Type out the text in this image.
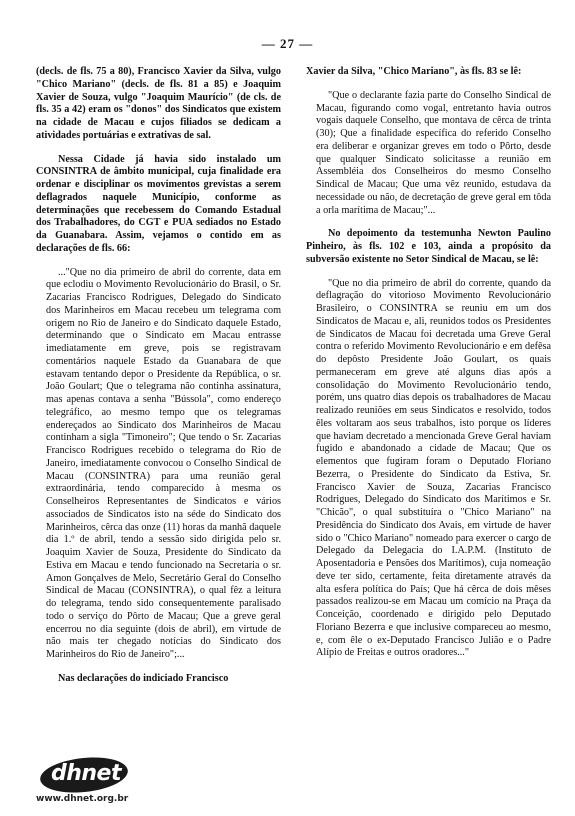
— 27 —

(decls. de fls. 75 a 80), Francisco Xavier da Silva, vulgo "Chico Mariano" (decls. de fls. 81 a 85) e Joaquim Xavier de Souza, vulgo "Joaquim Maurício" (de cls. de fls. 35 a 42) eram os "donos" dos Sindicatos que existem na cidade de Macau e cujos filiados se dedicam a atividades portuárias e extrativas de sal.

Nessa Cidade já havia sido instalado um CONSINTRA de âmbito municipal, cuja finalidade era ordenar e disciplinar os movimentos grevistas a serem deflagrados naquele Município, conforme as determinações que recebessem do Comando Estadual dos Trabalhadores, do CGT e PUA sediados no Estado da Guanabara. Assim, vejamos o contido em as declarações de fls. 66:

..."Que no dia primeiro de abril do corrente, data em que eclodiu o Movimento Revolucionário do Brasil, o Sr. Zacarias Francisco Rodrigues, Delegado do Sindicato dos Marinheiros em Macau recebeu um telegrama com origem no Rio de Janeiro e do Sindicato daquele Estado, determinando que o Sindicato em Macau entrasse imediatamente em greve, pois se registravam comentários naquele Estado da Guanabara de que estavam tentando depor o Presidente da República, o sr. João Goulart; Que o telegrama não continha assinatura, mas apenas contava a senha "Bússola", como endereço telegráfico, ao mesmo tempo que os telegramas endereçados ao Sindicato dos Marinheiros de Macau continham a sigla "Timoneiro"; Que tendo o Sr. Zacarias Francisco Rodrigues recebido o telegrama do Rio de Janeiro, imediatamente convocou o Conselho Sindical de Macau (CONSINTRA) para uma reunião geral extraordinária, tendo comparecido à mesma os Conselheiros Representantes de Sindicatos e vários associados de Sindicatos isto na séde do Sindicato dos Marinheiros, cêrca das onze (11) horas da manhã daquele dia 1.º de abril, tendo a sessão sido dirigida pelo sr. Joaquim Xavier de Souza, Presidente do Sindicato da Estiva em Macau e tendo funcionado na Secretaria o sr. Amon Gonçalves de Melo, Secretário Geral do Conselho Sindical de Macau (CONSINTRA), o qual fêz a leitura do telegrama, tendo sido consequentemente paralisado todo o serviço do Pôrto de Macau; Que a greve geral encerrou no dia seguinte (dois de abril), em virtude de não mais ter chegado notícias do Sindicato dos Marinheiros do Rio de Janeiro";...

Nas declarações do indiciado Francisco

Xavier da Silva, "Chico Mariano", às fls. 83 se lê:

"Que o declarante fazia parte do Conselho Sindical de Macau, figurando como vogal, entretanto havia outros vogais daquele Conselho, que montava de cêrca de trinta (30); Que a finalidade específica do referido Conselho era deliberar e organizar greves em todo o Pôrto, desde que qualquer Sindicato solicitasse a reunião em Assembléia dos Conselheiros do mesmo Conselho Sindical de Macau; Que uma vêz reunido, estudava da necessidade ou não, de decretação de greve geral em tôda a orla marítima de Macau;"...

No depoimento da testemunha Newton Paulino Pinheiro, às fls. 102 e 103, ainda a propósito da subversão existente no Setor Sindical de Macau, se lê:

"Que no dia primeiro de abril do corrente, quando da deflagração do vitorioso Movimento Revolucionário Brasileiro, o CONSINTRA se reuniu em um dos Sindicatos de Macau e, ali, reunidos todos os Presidentes de Sindicatos de Macau foi decretada uma Greve Geral contra o referido Movimento Revolucionário e em defêsa do depôsto Presidente João Goulart, os quais permaneceram em greve até alguns dias após a consolidação do Movimento Revolucionário tendo, porém, uns quatro dias depois os trabalhadores de Macau realizado reuniões em seus Sindicatos e resolvido, todos êles voltaram aos seus trabalhos, isto porque os líderes que haviam decretado a mencionada Greve Geral haviam fugido e abandonado a cidade de Macau; Que os elementos que fugiram foram o Deputado Floriano Bezerra, o Presidente do Sindicato da Estiva, Sr. Francisco Xavier de Souza, Zacarias Francisco Rodrigues, Delegado do Sindicato dos Marítimos e Sr. "Chicão", o qual substituíra o "Chico Mariano" na Presidência do Sindicato dos Avais, em virtude de haver sido o "Chico Mariano" nomeado para exercer o cargo de Delegado da Delegacia do I.A.P.M. (Instituto de Aposentadoria e Pensões dos Marítimos), cuja nomeação deve ter sido, certamente, feita diretamente através da alta esfera política do País; Que há cêrca de dois mêses passados realizou-se em Macau um comício na Praça da Conceição, coordenado e dirigido pelo Deputado Floriano Bezerra e que inclusive compareceu ao mesmo, e, com êle o ex-Deputado Francisco Julião e o Padre Alípio de Freitas e outros oradores..."

dhnet
www.dhnet.org.br
